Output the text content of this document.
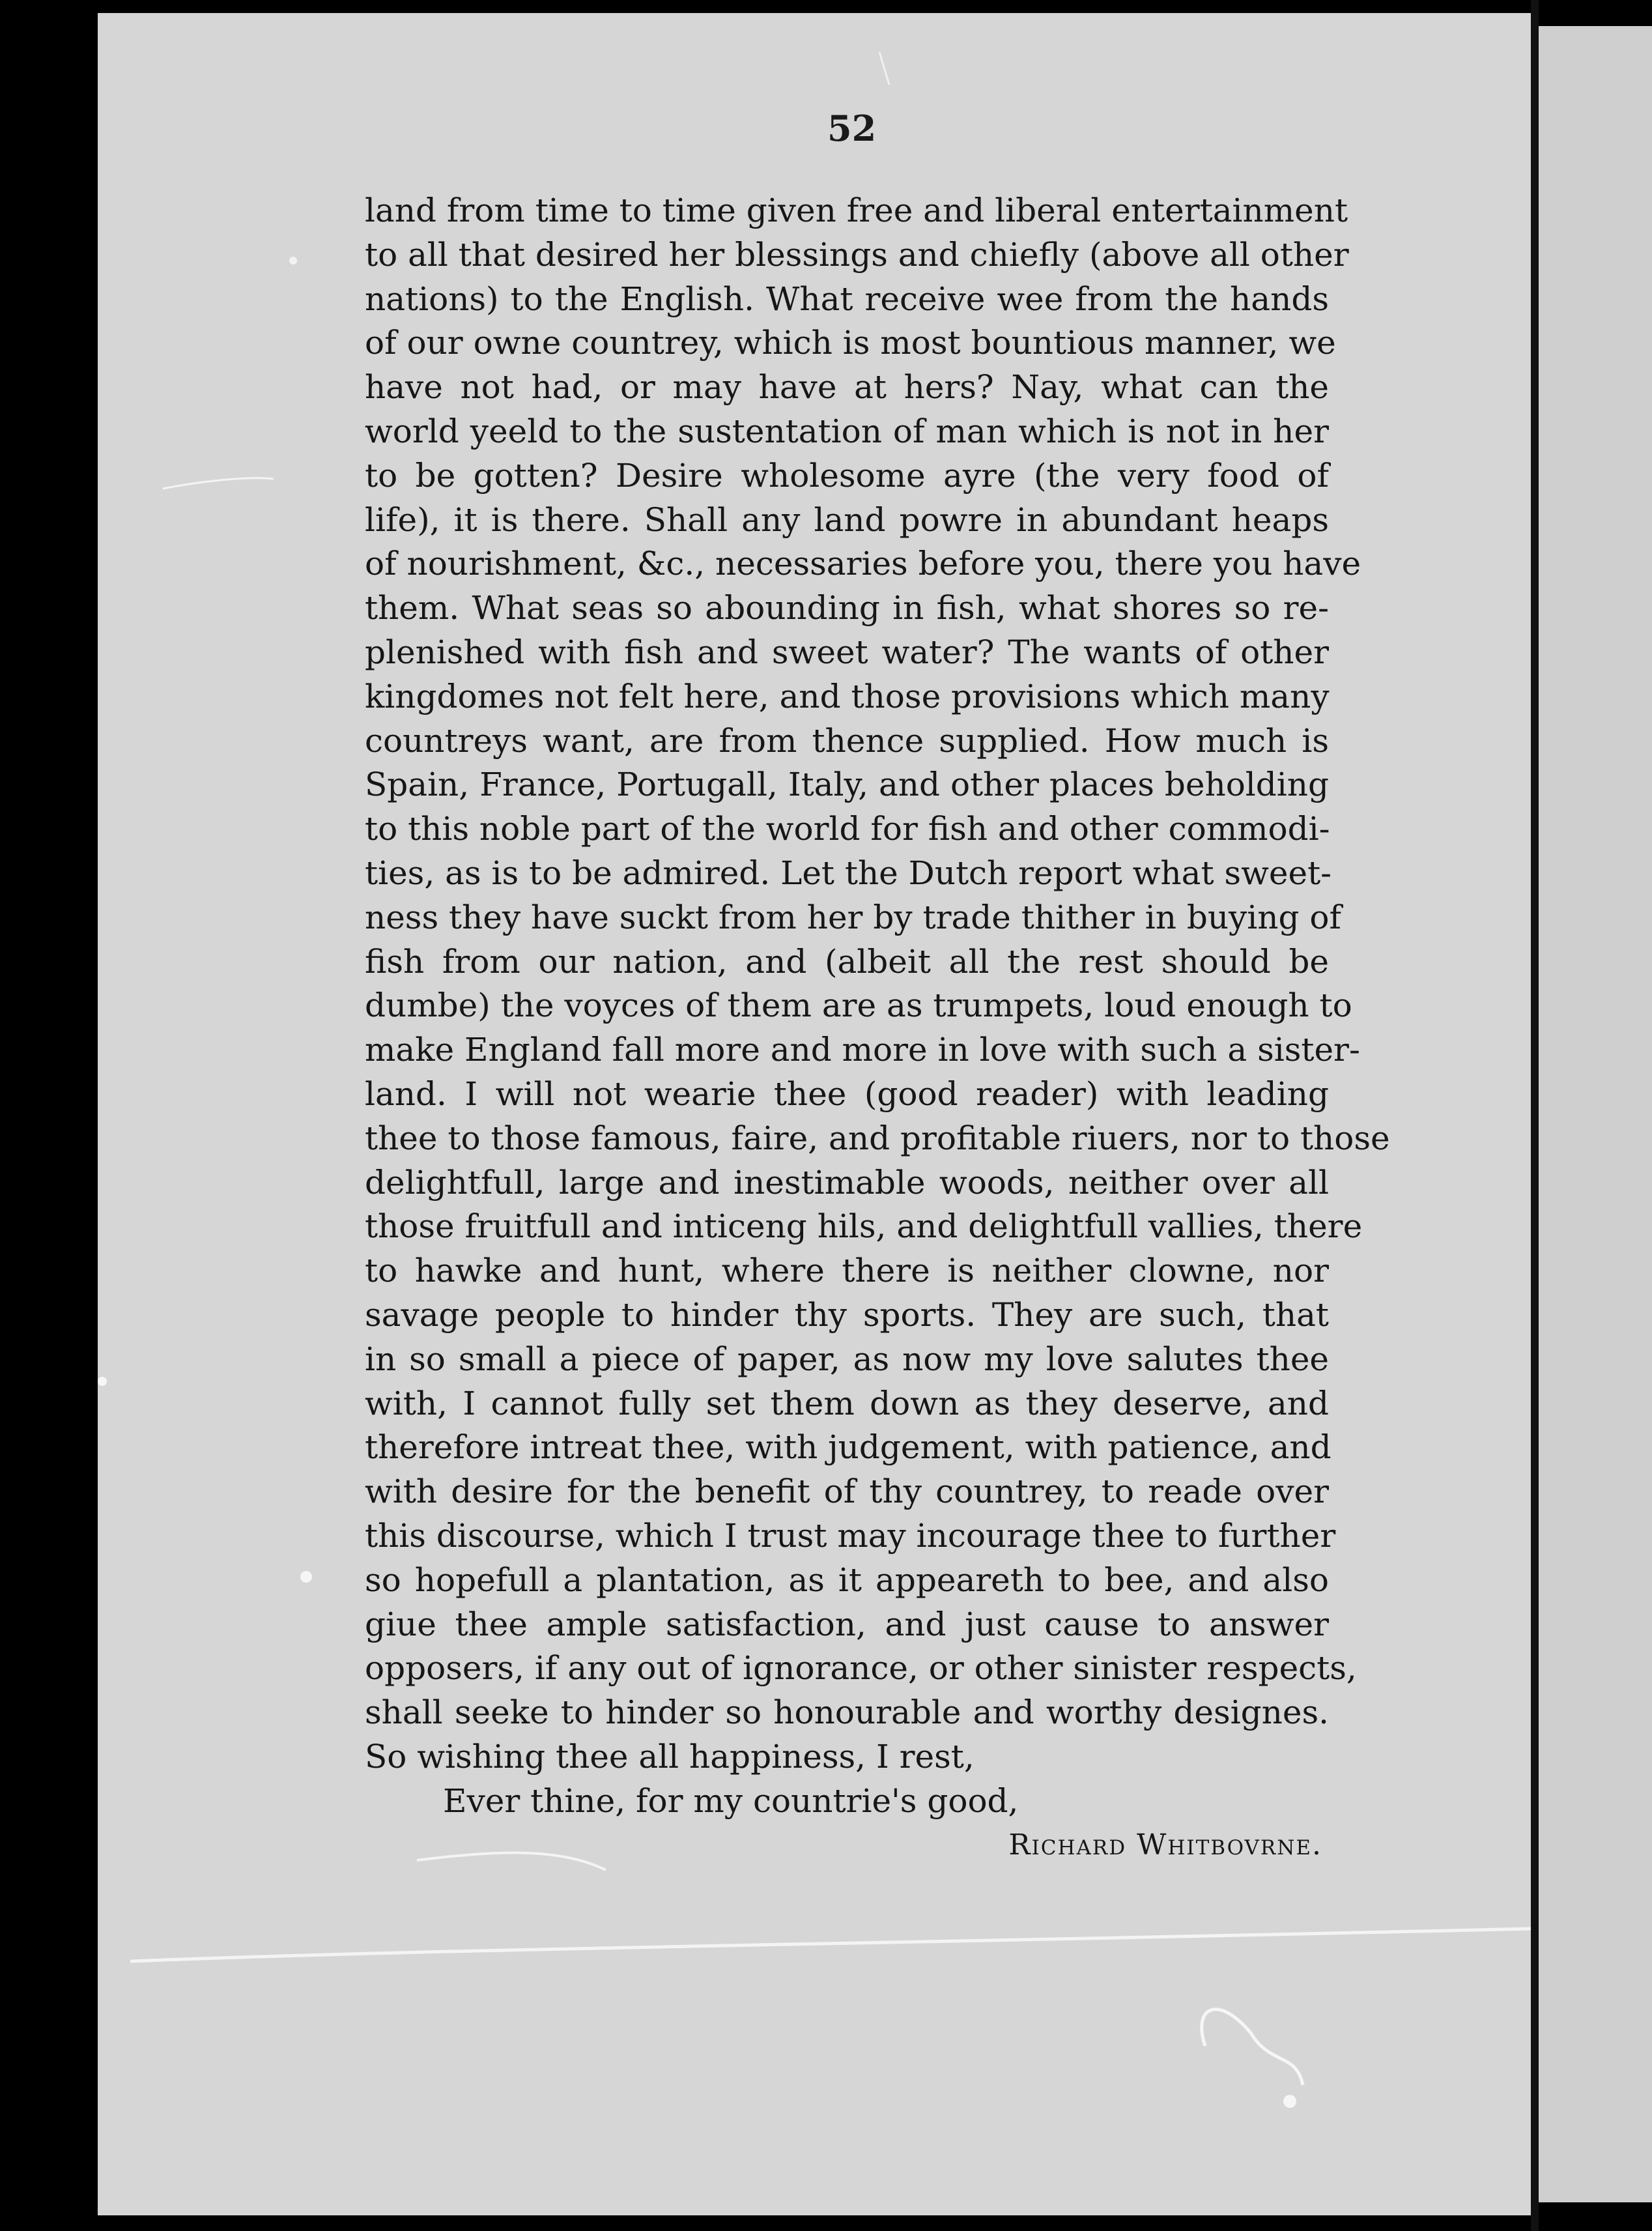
52
land from time to time given free and liberal entertainment
to all that desired her blessings and chiefly (above all other
nations) to the English. What receive wee from the hands
of our owne countrey, which is most bountious manner, we
have not had, or may have at hers? Nay, what can the
world yeeld to the sustentation of man which is not in her
to be gotten? Desire wholesome ayre (the very food of
life), it is there. Shall any land powre in abundant heaps
of nourishment, &c., necessaries before you, there you have
them. What seas so abounding in fish, what shores so re-
plenished with fish and sweet water? The wants of other
kingdomes not felt here, and those provisions which many
countreys want, are from thence supplied. How much is
Spain, France, Portugall, Italy, and other places beholding
to this noble part of the world for fish and other commodi-
ties, as is to be admired. Let the Dutch report what sweet-
ness they have suckt from her by trade thither in buying of
fish from our nation, and (albeit all the rest should be
dumbe) the voyces of them are as trumpets, loud enough to
make England fall more and more in love with such a sister-
land. I will not wearie thee (good reader) with leading
thee to those famous, faire, and profitable riuers, nor to those
delightfull, large and inestimable woods, neither over all
those fruitfull and inticeng hils, and delightfull vallies, there
to hawke and hunt, where there is neither clowne, nor
savage people to hinder thy sports. They are such, that
in so small a piece of paper, as now my love salutes thee
with, I cannot fully set them down as they deserve, and
therefore intreat thee, with judgement, with patience, and
with desire for the benefit of thy countrey, to reade over
this discourse, which I trust may incourage thee to further
so hopefull a plantation, as it appeareth to bee, and also
giue thee ample satisfaction, and just cause to answer
opposers, if any out of ignorance, or other sinister respects,
shall seeke to hinder so honourable and worthy designes.
So wishing thee all happiness, I rest,
Ever thine, for my countrie's good,
Richard Whitbovrne.
